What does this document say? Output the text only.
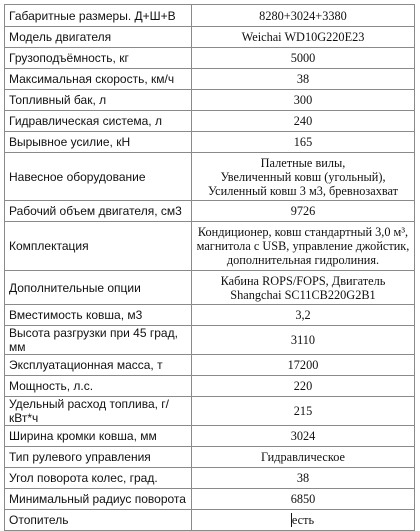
Габаритные размеры. Д+Ш+В	8280+3024+3380
Модель двигателя	Weichai WD10G220E23
Грузоподъёмность, кг	5000
Максимальная скорость, км/ч	38
Топливный бак, л	300
Гидравлическая система, л	240
Вырывное усилие, кН	165
Навесное оборудование	Палетные вилы,
Увеличенный ковш (угольный),
Усиленный ковш 3 м3, бревнозахват

Рабочий объем двигателя, см3	9726
Комплектация	Кондиционер, ковш стандартный 3,0 м³,
магнитола с USB, управление джойстик,
дополнительная гидролиния.

Дополнительные опции	Кабина ROPS/FOPS, Двигатель
Shangchai SC11CB220G2B1

Вместимость ковша, м3	3,2
Высота разгрузки при 45 град, мм	3110
Эксплуатационная масса, т	17200
Мощность, л.с.	220
Удельный расход топлива, г/кВт*ч	215
Ширина кромки ковша, мм	3024
Тип рулевого управления	Гидравлическое
Угол поворота колес, град.	38
Минимальный радиус поворота	6850
Отопитель	есть
